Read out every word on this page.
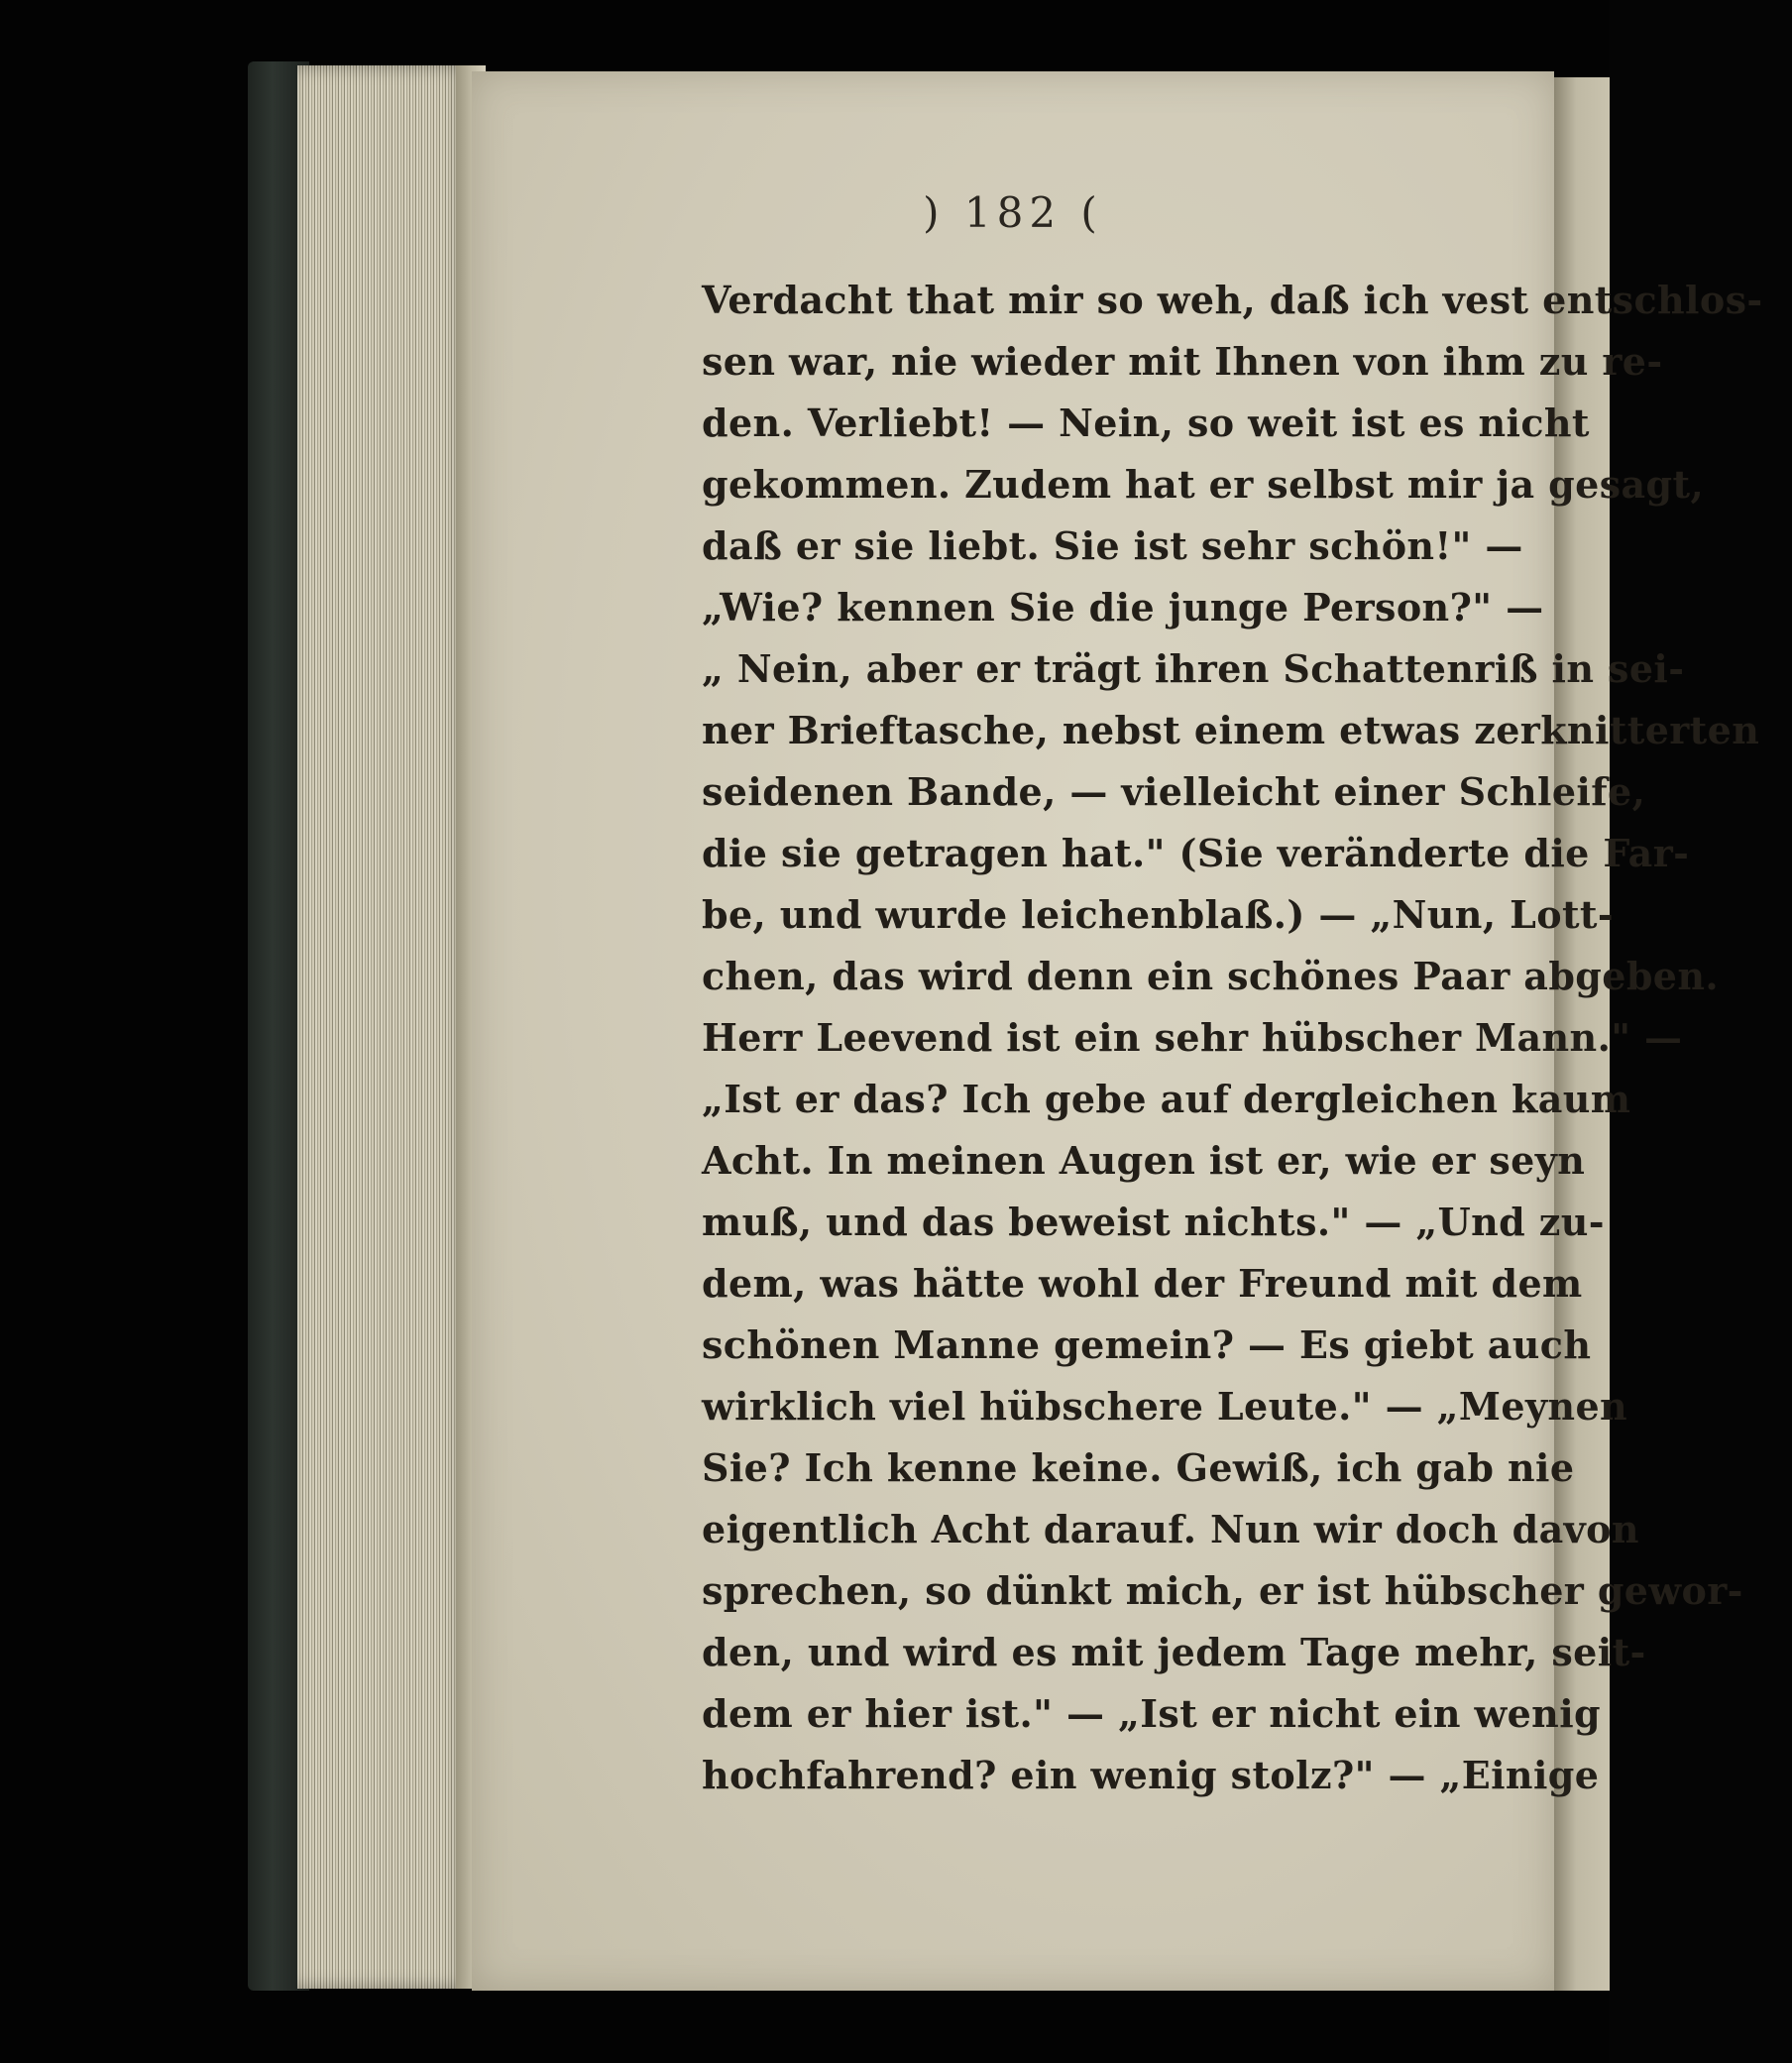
) 182 (
Verdacht that mir so weh, daß ich vest entschlos-
sen war, nie wieder mit Ihnen von ihm zu re-
den. Verliebt! — Nein, so weit ist es nicht
gekommen. Zudem hat er selbst mir ja gesagt,
daß er sie liebt. Sie ist sehr schön!" —
„Wie? kennen Sie die junge Person?" —
„ Nein, aber er trägt ihren Schattenriß in sei-
ner Brieftasche, nebst einem etwas zerknitterten
seidenen Bande, — vielleicht einer Schleife,
die sie getragen hat." (Sie veränderte die Far-
be, und wurde leichenblaß.) — „Nun, Lott-
chen, das wird denn ein schönes Paar abgeben.
Herr Leevend ist ein sehr hübscher Mann." —
„Ist er das? Ich gebe auf dergleichen kaum
Acht. In meinen Augen ist er, wie er seyn
muß, und das beweist nichts." — „Und zu-
dem, was hätte wohl der Freund mit dem
schönen Manne gemein? — Es giebt auch
wirklich viel hübschere Leute." — „Meynen
Sie? Ich kenne keine. Gewiß, ich gab nie
eigentlich Acht darauf. Nun wir doch davon
sprechen, so dünkt mich, er ist hübscher gewor-
den, und wird es mit jedem Tage mehr, seit-
dem er hier ist." — „Ist er nicht ein wenig
hochfahrend? ein wenig stolz?" — „Einige
